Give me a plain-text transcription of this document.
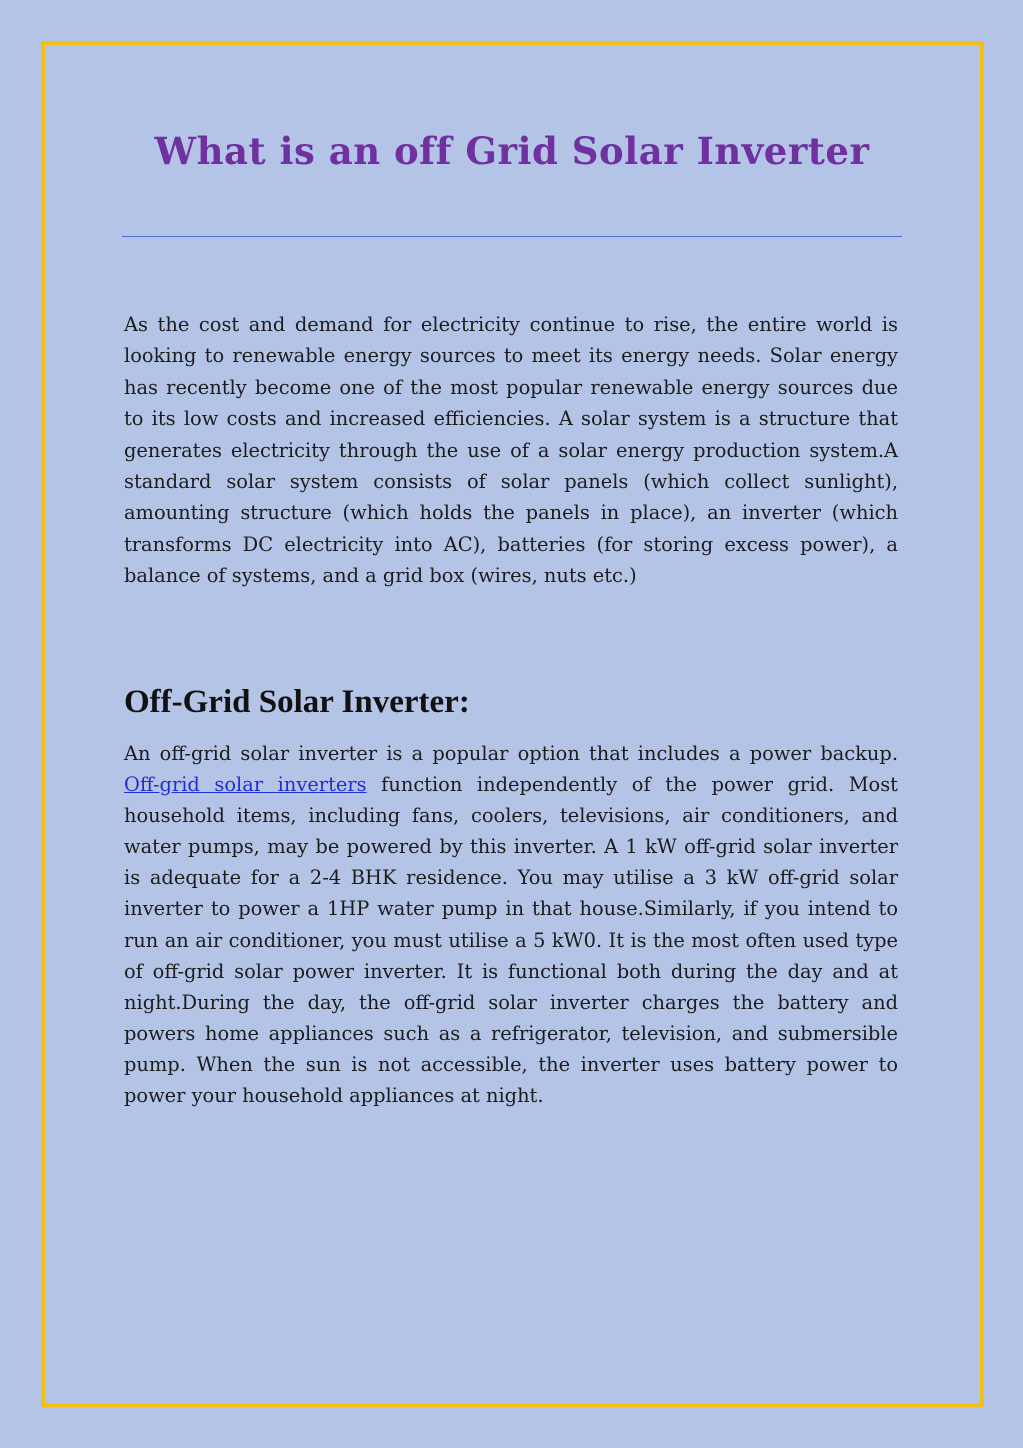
What is an off Grid Solar Inverter

As the cost and demand for electricity continue to rise, the entire world is looking to renewable energy sources to meet its energy needs. Solar energy has recently become one of the most popular renewable energy sources due to its low costs and increased efficiencies. A solar system is a structure that generates electricity through the use of a solar energy production system.A standard solar system consists of solar panels (which collect sunlight), amounting structure (which holds the panels in place), an inverter (which transforms DC electricity into AC), batteries (for storing excess power), a balance of systems, and a grid box (wires, nuts etc.)

Off-Grid Solar Inverter:

An off-grid solar inverter is a popular option that includes a power backup. Off-grid solar inverters function independently of the power grid. Most household items, including fans, coolers, televisions, air conditioners, and water pumps, may be powered by this inverter. A 1 kW off-grid solar inverter is adequate for a 2-4 BHK residence. You may utilise a 3 kW off-grid solar inverter to power a 1HP water pump in that house.Similarly, if you intend to run an air conditioner, you must utilise a 5 kW0. It is the most often used type of off-grid solar power inverter. It is functional both during the day and at night.During the day, the off-grid solar inverter charges the battery and powers home appliances such as a refrigerator, television, and submersible pump. When the sun is not accessible, the inverter uses battery power to power your household appliances at night.
